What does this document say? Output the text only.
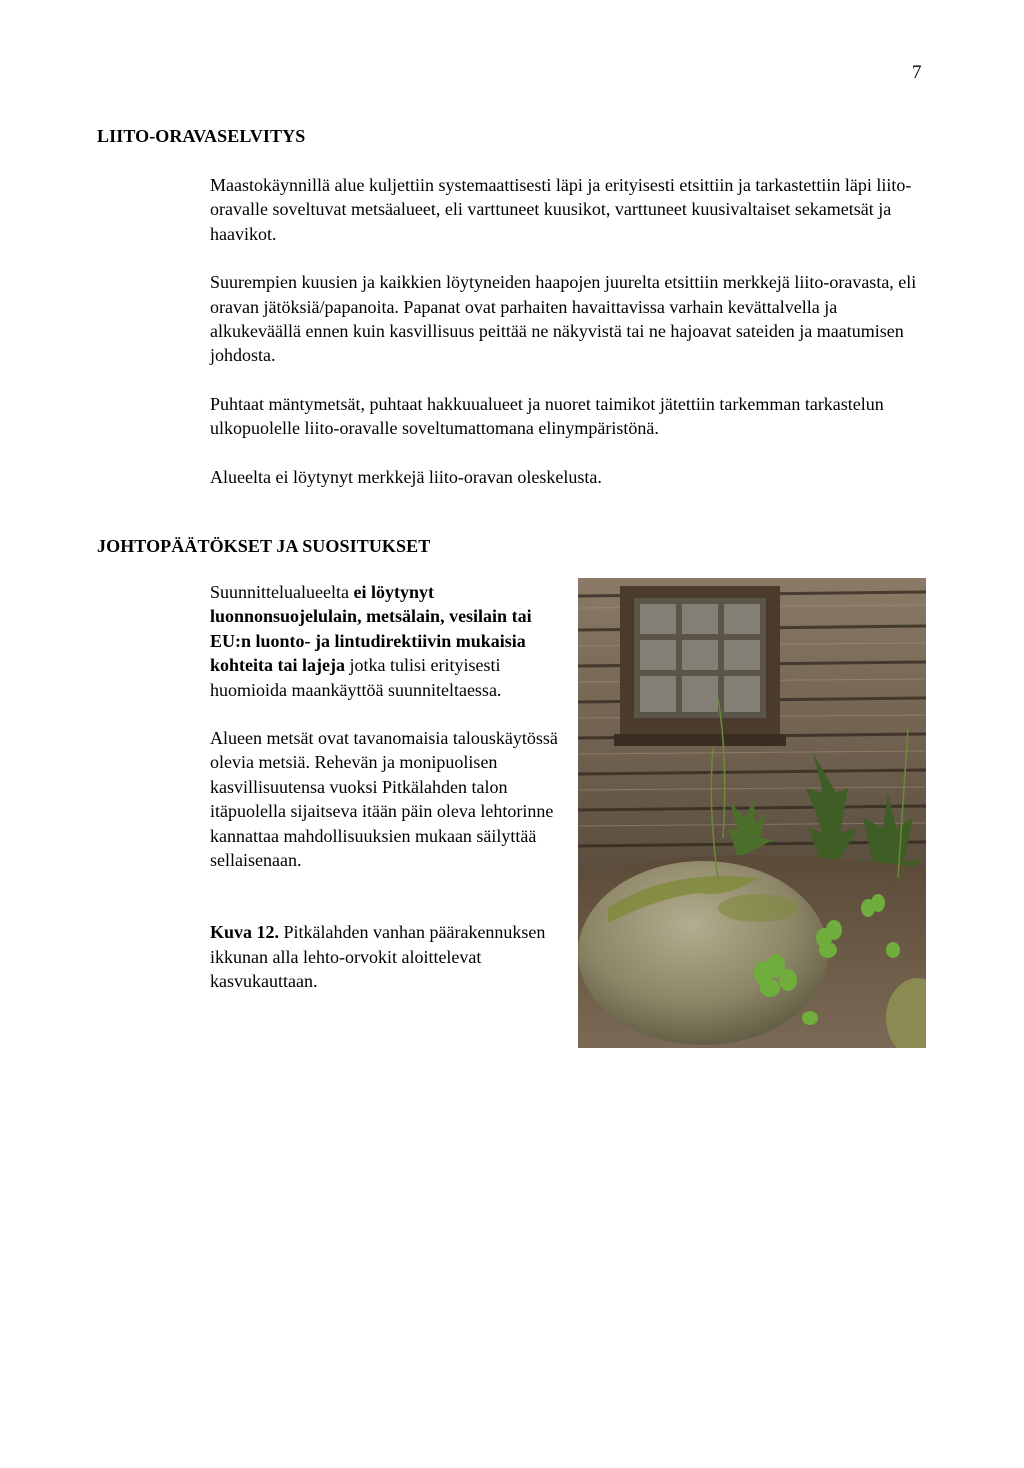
7
LIITO-ORAVASELVITYS

Maastokäynnillä alue kuljettiin systemaattisesti läpi ja erityisesti etsittiin ja tarkastettiin läpi liito-oravalle soveltuvat metsäalueet, eli varttuneet kuusikot, varttuneet kuusivaltaiset sekametsät ja haavikot.

Suurempien kuusien ja kaikkien löytyneiden haapojen juurelta etsittiin merkkejä liito-oravasta, eli oravan jätöksiä/papanoita. Papanat ovat parhaiten havaittavissa varhain kevättalvella ja alkukeväällä ennen kuin kasvillisuus peittää ne näkyvistä tai ne hajoavat sateiden ja maatumisen johdosta.

Puhtaat mäntymetsät, puhtaat hakkuualueet ja nuoret taimikot jätettiin tarkemman tarkastelun ulkopuolelle liito-oravalle soveltumattomana elinympäristönä.

Alueelta ei löytynyt merkkejä liito-oravan oleskelusta.

JOHTOPÄÄTÖKSET JA SUOSITUKSET

Suunnittelualueelta ei löytynyt luonnonsuojelulain, metsälain, vesilain tai EU:n luonto- ja lintudirektiivin mukaisia kohteita tai lajeja jotka tulisi erityisesti huomioida maankäyttöä suunniteltaessa.

Alueen metsät ovat tavanomaisia talouskäytössä olevia metsiä. Rehevän ja monipuolisen kasvillisuutensa vuoksi Pitkälahden talon itäpuolella sijaitseva itään päin oleva lehtorinne kannattaa mahdollisuuksien mukaan säilyttää sellaisenaan.

Kuva 12. Pitkälahden vanhan päärakennuksen ikkunan alla lehto-orvokit aloittelevat kasvukauttaan.
